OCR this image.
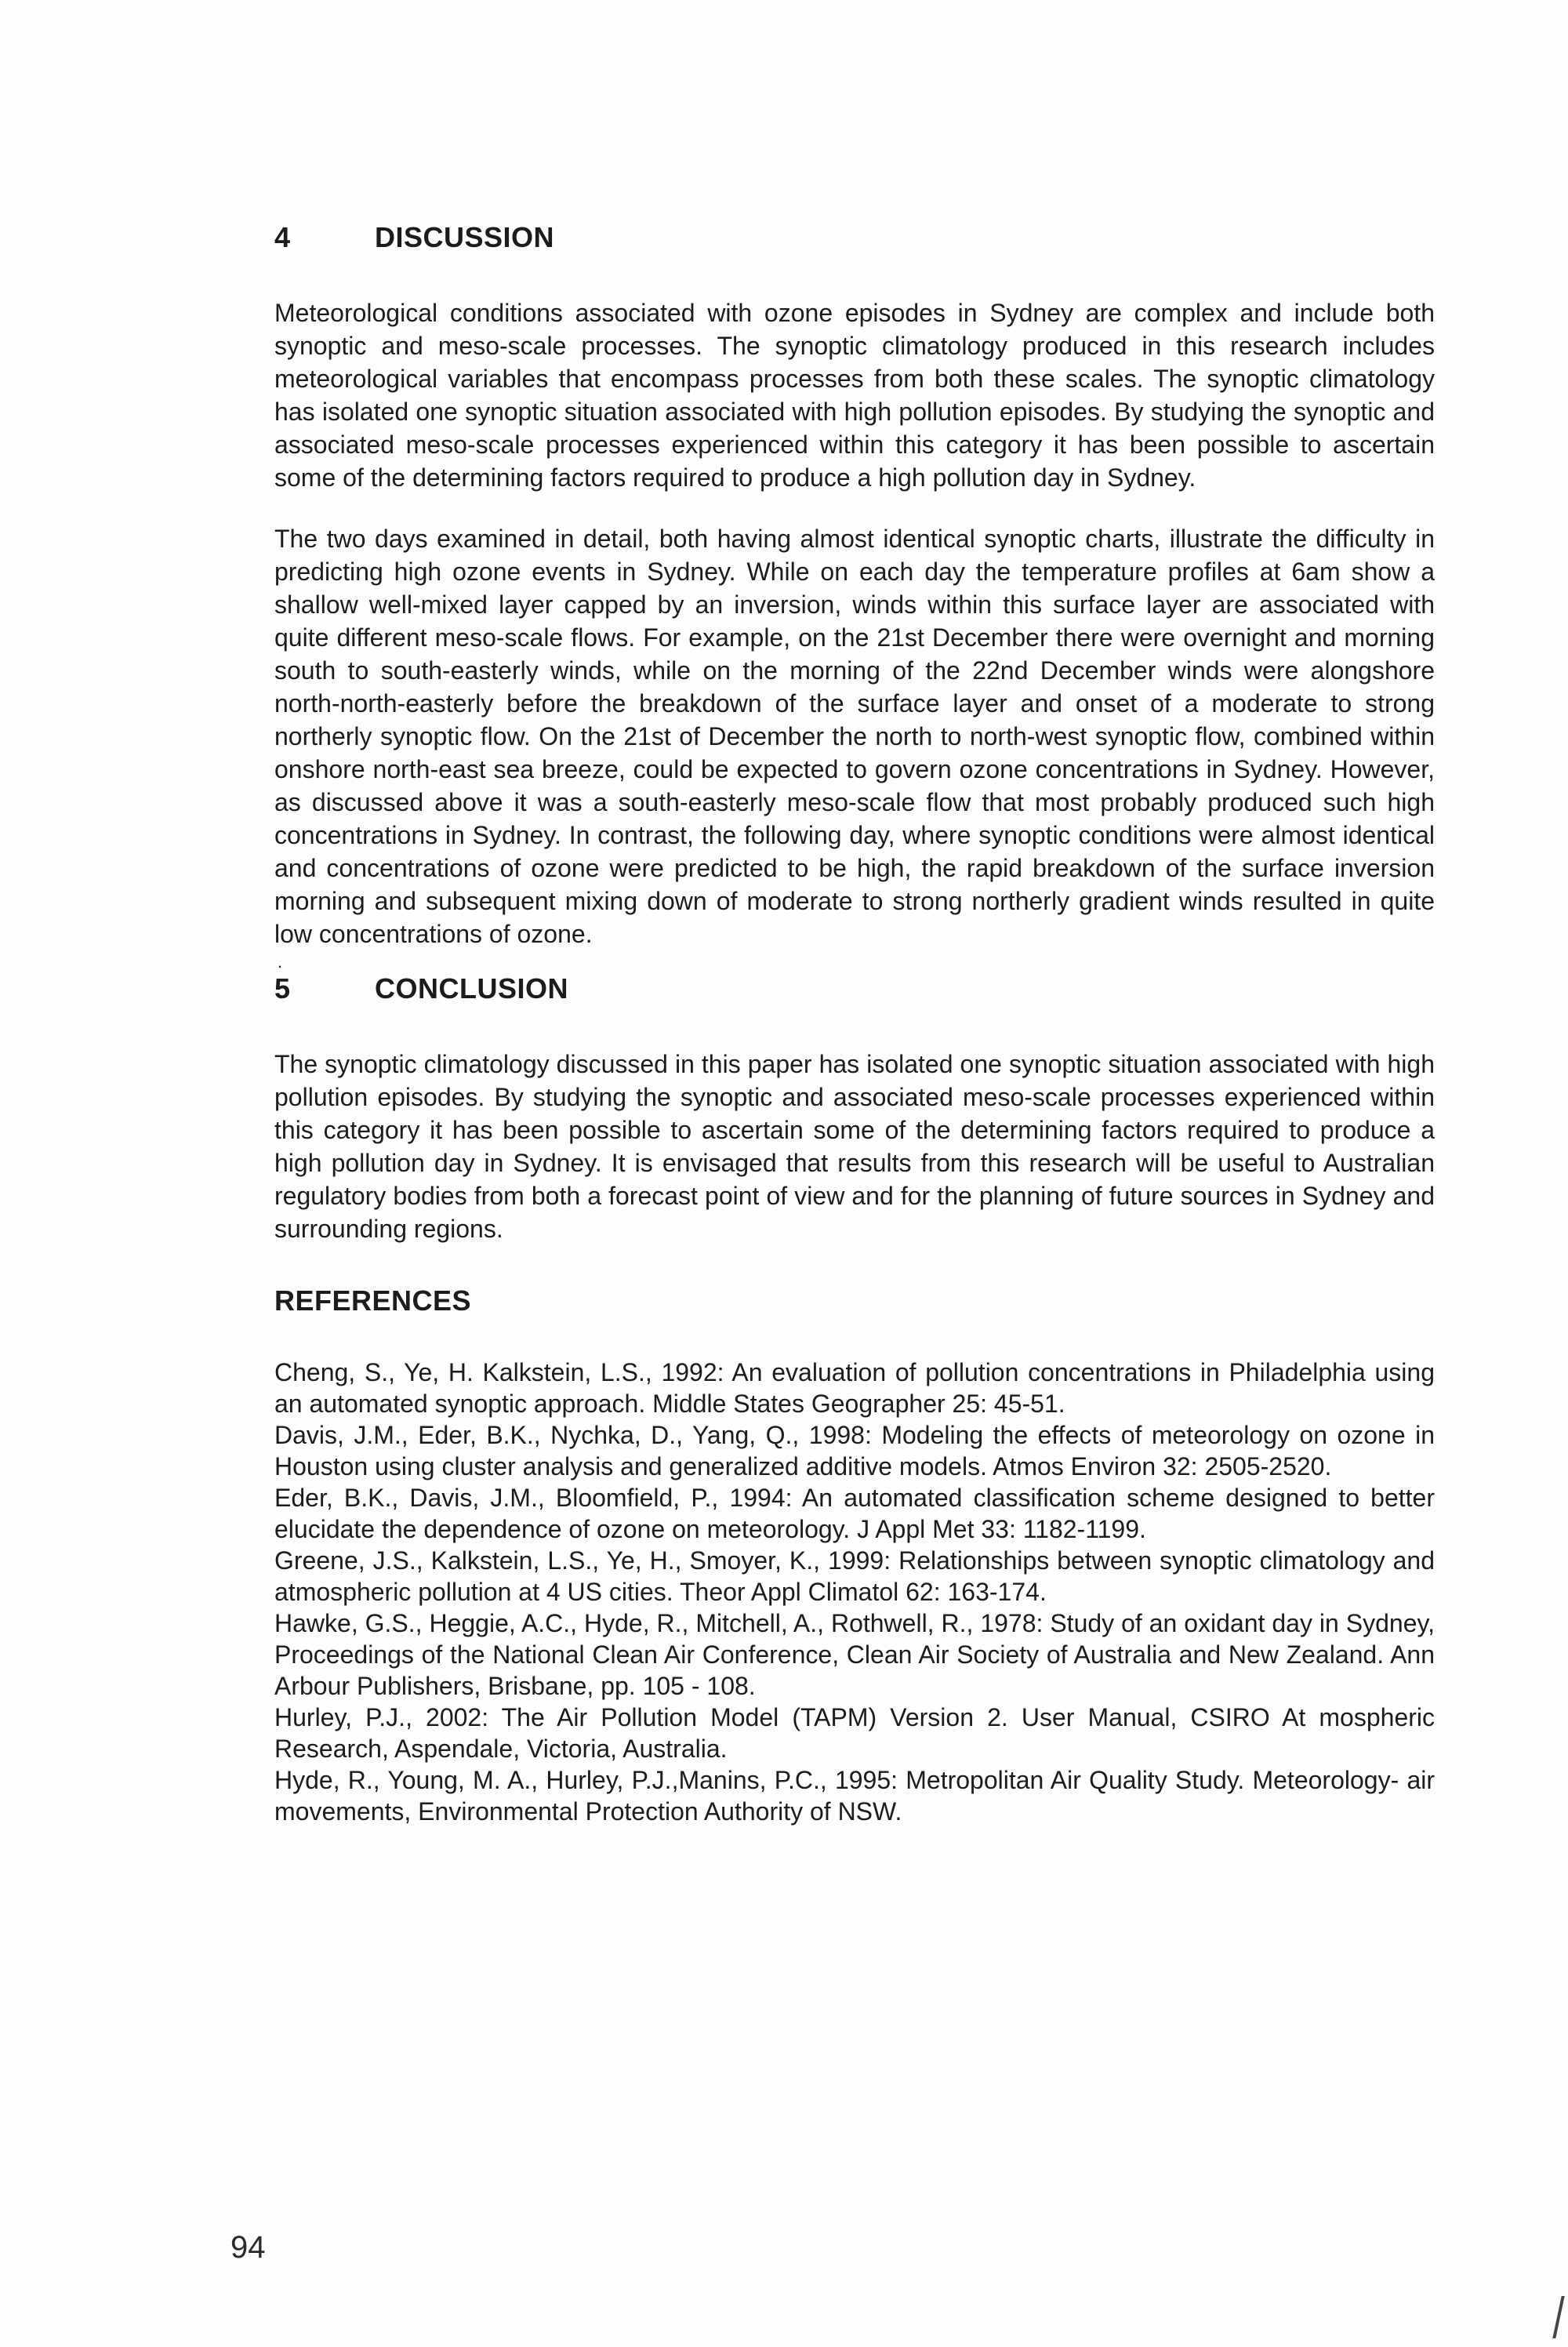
4	DISCUSSION

Meteorological conditions associated with ozone episodes in Sydney are complex and include both synoptic and meso-scale processes. The synoptic climatology produced in this research includes meteorological variables that encompass processes from both these scales. The synoptic climatology has isolated one synoptic situation associated with high pollution episodes. By studying the synoptic and associated meso-scale processes experienced within this category it has been possible to ascertain some of the determining factors required to produce a high pollution day in Sydney.

The two days examined in detail, both having almost identical synoptic charts, illustrate the difficulty in predicting high ozone events in Sydney. While on each day the temperature profiles at 6am show a shallow well-mixed layer capped by an inversion, winds within this surface layer are associated with quite different meso-scale flows. For example, on the 21st December there were overnight and morning south to south-easterly winds, while on the morning of the 22nd December winds were alongshore north-north-easterly before the breakdown of the surface layer and onset of a moderate to strong northerly synoptic flow. On the 21st of December the north to north-west synoptic flow, combined within onshore north-east sea breeze, could be expected to govern ozone concentrations in Sydney. However, as discussed above it was a south-easterly meso-scale flow that most probably produced such high concentrations in Sydney. In contrast, the following day, where synoptic conditions were almost identical and concentrations of ozone were predicted to be high, the rapid breakdown of the surface inversion morning and subsequent mixing down of moderate to strong northerly gradient winds resulted in quite low concentrations of ozone.

.
5	CONCLUSION

The synoptic climatology discussed in this paper has isolated one synoptic situation associated with high pollution episodes. By studying the synoptic and associated meso-scale processes experienced within this category it has been possible to ascertain some of the determining factors required to produce a high pollution day in Sydney. It is envisaged that results from this research will be useful to Australian regulatory bodies from both a forecast point of view and for the planning of future sources in Sydney and surrounding regions.

REFERENCES
Cheng, S., Ye, H. Kalkstein, L.S., 1992: An evaluation of pollution concentrations in Philadelphia using an automated synoptic approach. Middle States Geographer 25: 45-51.
Davis, J.M., Eder, B.K., Nychka, D., Yang, Q., 1998: Modeling the effects of meteorology on ozone in Houston using cluster analysis and generalized additive models. Atmos Environ 32: 2505-2520.
Eder, B.K., Davis, J.M., Bloomfield, P., 1994: An automated classification scheme designed to better elucidate the dependence of ozone on meteorology. J Appl Met 33: 1182-1199.
Greene, J.S., Kalkstein, L.S., Ye, H., Smoyer, K., 1999: Relationships between synoptic climatology and atmospheric pollution at 4 US cities. Theor Appl Climatol 62: 163-174.
Hawke, G.S., Heggie, A.C., Hyde, R., Mitchell, A., Rothwell, R., 1978: Study of an oxidant day in Sydney, Proceedings of the National Clean Air Conference, Clean Air Society of Australia and New Zealand. Ann Arbour Publishers, Brisbane, pp. 105 - 108.
Hurley, P.J., 2002: The Air Pollution Model (TAPM) Version 2. User Manual, CSIRO At mospheric Research, Aspendale, Victoria, Australia.
Hyde, R., Young, M. A., Hurley, P.J.,Manins, P.C., 1995: Metropolitan Air Quality Study. Meteorology- air movements, Environmental Protection Authority of NSW.
94
